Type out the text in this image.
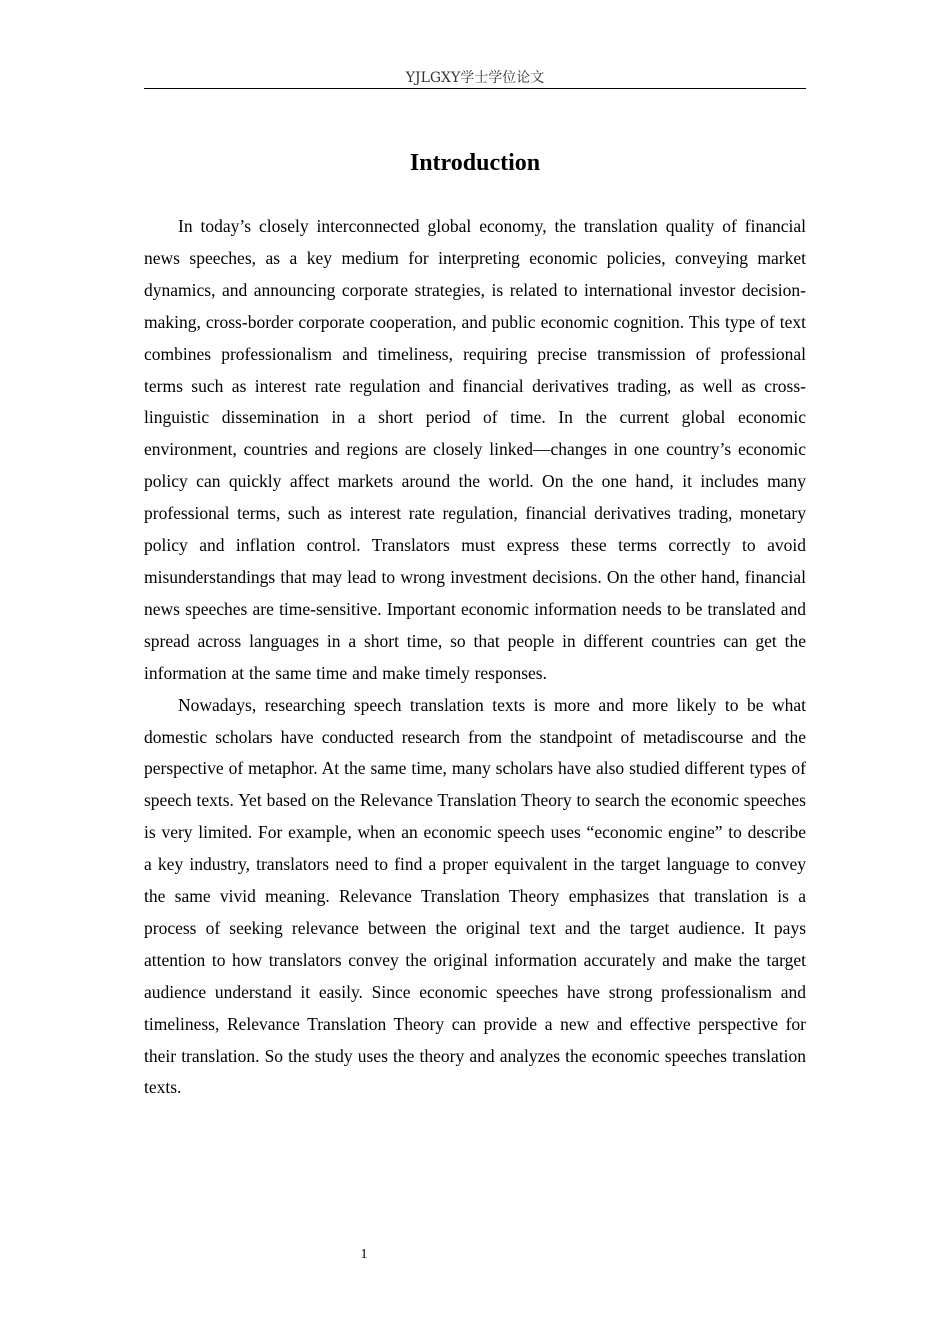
YJLGXY学士学位论文
Introduction

In today’s closely interconnected global economy, the translation quality of financial news speeches, as a key medium for interpreting economic policies, conveying market dynamics, and announcing corporate strategies, is related to international investor decision-making, cross-border corporate cooperation, and public economic cognition. This type of text combines professionalism and timeliness, requiring precise transmission of professional terms such as interest rate regulation and financial derivatives trading, as well as cross-linguistic dissemination in a short period of time. In the current global economic environment, countries and regions are closely linked—changes in one country’s economic policy can quickly affect markets around the world. On the one hand, it includes many professional terms, such as interest rate regulation, financial derivatives trading, monetary policy and inflation control. Translators must express these terms correctly to avoid misunderstandings that may lead to wrong investment decisions. On the other hand, financial news speeches are time-sensitive. Important economic information needs to be translated and spread across languages in a short time, so that people in different countries can get the information at the same time and make timely responses.

Nowadays, researching speech translation texts is more and more likely to be what domestic scholars have conducted research from the standpoint of metadiscourse and the perspective of metaphor. At the same time, many scholars have also studied different types of speech texts. Yet based on the Relevance Translation Theory to search the economic speeches is very limited. For example, when an economic speech uses “economic engine” to describe a key industry, translators need to find a proper equivalent in the target language to convey the same vivid meaning. Relevance Translation Theory emphasizes that translation is a process of seeking relevance between the original text and the target audience. It pays attention to how translators convey the original information accurately and make the target audience understand it easily. Since economic speeches have strong professionalism and timeliness, Relevance Translation Theory can provide a new and effective perspective for their translation. So the study uses the theory and analyzes the economic speeches translation texts.

1
